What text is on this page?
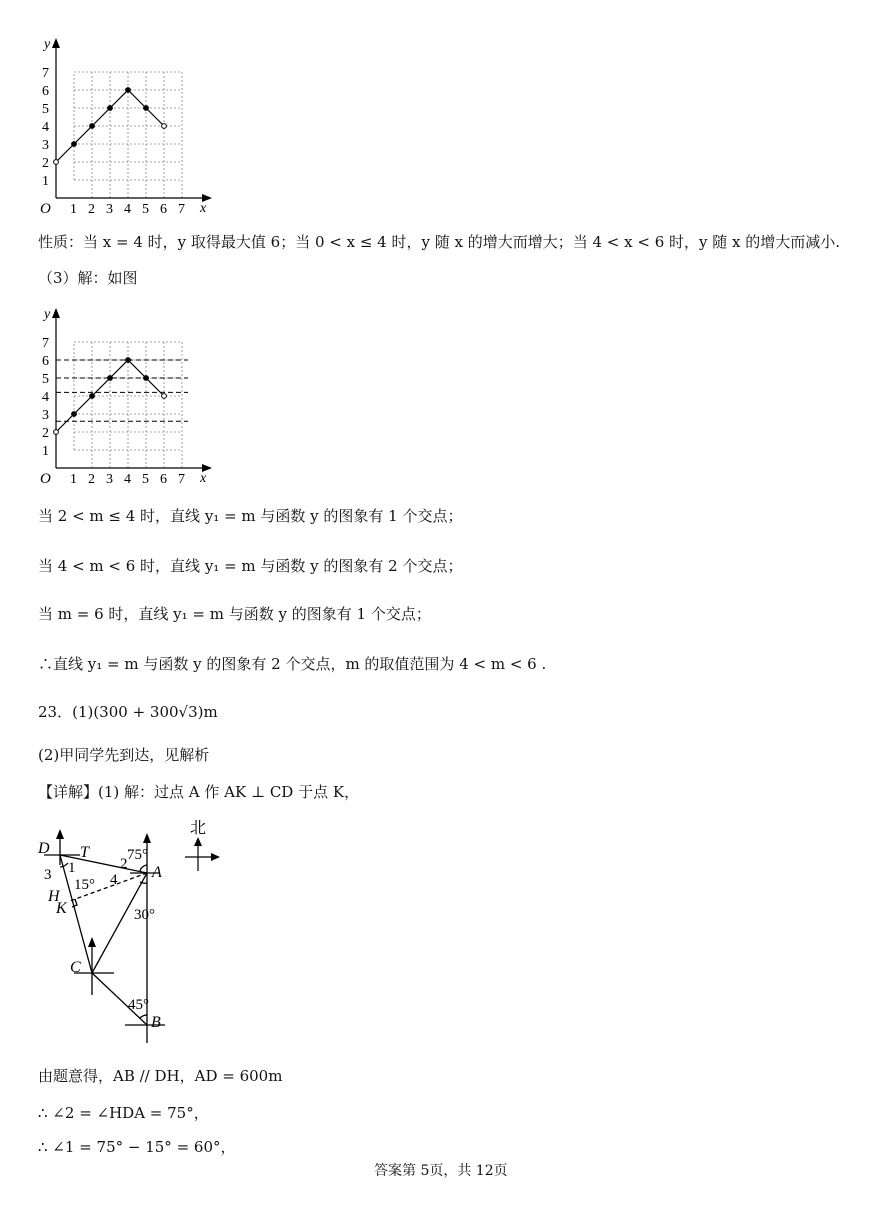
y
x
O 1 2 3 4 5 6 7
1
2
3
4
5
6
7
性质：当 x = 4 时，y 取得最大值 6；当 0 < x ≤ 4 时，y 随 x 的增大而增大；当 4 < x < 6 时，y 随 x 的增大而减小.
（3）解：如图
y
x
O 1 2 3 4 5 6 7
1
2
3
4
5
6
7
当 2 < m ≤ 4 时，直线 y₁ = m 与函数 y 的图象有 1 个交点；
当 4 < m < 6 时，直线 y₁ = m 与函数 y 的图象有 2 个交点；
当 m = 6 时，直线 y₁ = m 与函数 y 的图象有 1 个交点；
∴直线 y₁ = m 与函数 y 的图象有 2 个交点，m 的取值范围为 4 < m < 6 .
23．(1)(300 + 300√3)m
(2)甲同学先到达，见解析
【详解】(1) 解：过点 A 作 AK ⊥ CD 于点 K，
D T
A
H
K
C
B
1	2
3	4
75°
15°
30°
45°
北
由题意得，AB // DH，AD = 600m
∴ ∠2 = ∠HDA = 75°，
∴ ∠1 = 75° − 15° = 60°，
答案第 5页，共 12页
